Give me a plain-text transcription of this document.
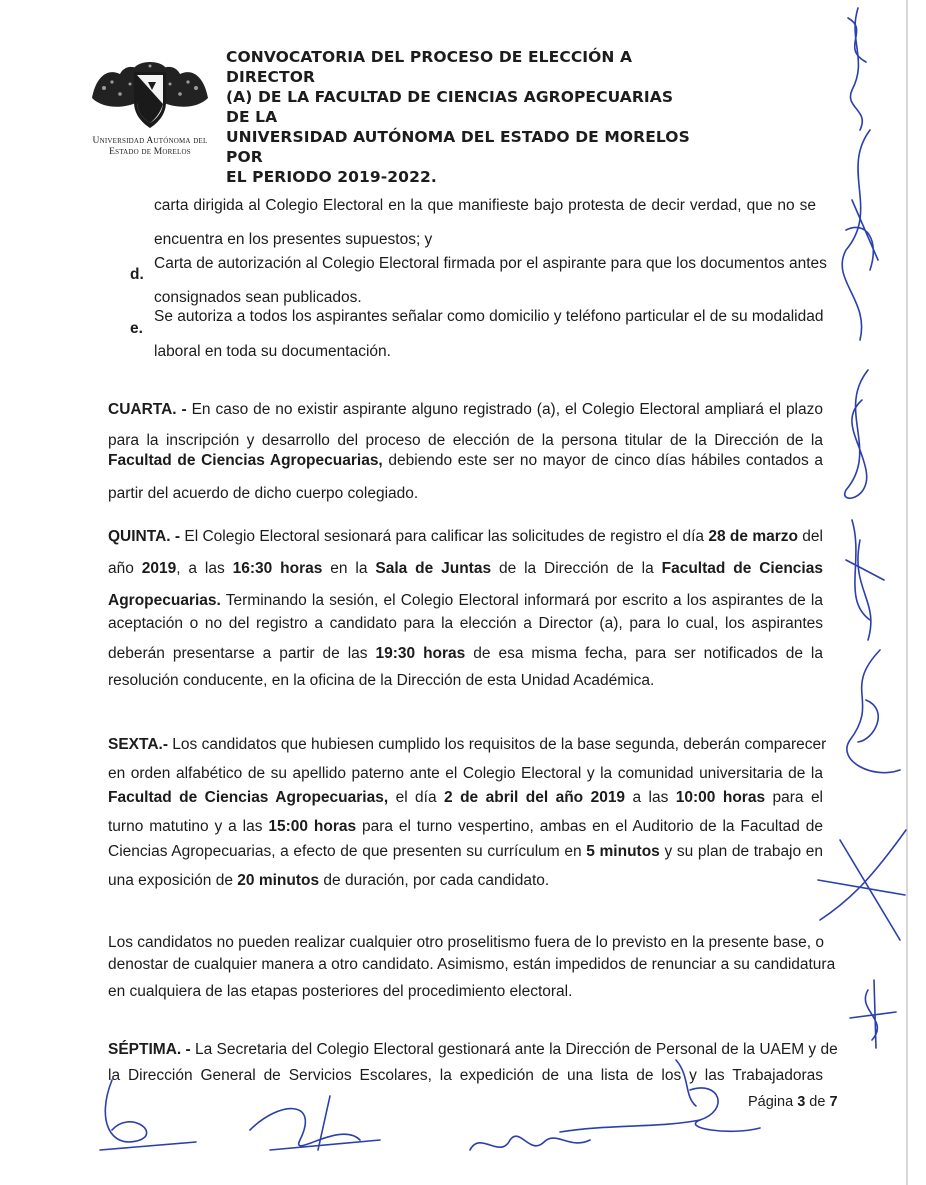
Universidad Autónoma del
Estado de Morelos
CONVOCATORIA DEL PROCESO DE ELECCIÓN A DIRECTOR
(A) DE LA FACULTAD DE CIENCIAS AGROPECUARIAS DE LA
UNIVERSIDAD AUTÓNOMA DEL ESTADO DE MORELOS POR
EL PERIODO 2019-2022.
carta dirigida al Colegio Electoral en la que manifieste bajo protesta de decir verdad, que no se
encuentra en los presentes supuestos; y
d.
Carta de autorización al Colegio Electoral firmada por el aspirante para que los documentos antes
consignados sean publicados.
e.
Se autoriza a todos los aspirantes señalar como domicilio y teléfono particular el de su modalidad
laboral en toda su documentación.
CUARTA. - En caso de no existir aspirante alguno registrado (a), el Colegio Electoral ampliará el plazo
para la inscripción y desarrollo del proceso de elección de la persona titular de la Dirección de la
Facultad de Ciencias Agropecuarias, debiendo este ser no mayor de cinco días hábiles contados a
partir del acuerdo de dicho cuerpo colegiado.
QUINTA. - El Colegio Electoral sesionará para calificar las solicitudes de registro el día 28 de marzo del
año 2019, a las 16:30 horas en la Sala de Juntas de la Dirección de la Facultad de Ciencias
Agropecuarias. Terminando la sesión, el Colegio Electoral informará por escrito a los aspirantes de la
aceptación o no del registro a candidato para la elección a Director (a), para lo cual, los aspirantes
deberán presentarse a partir de las 19:30 horas de esa misma fecha, para ser notificados de la
resolución conducente, en la oficina de la Dirección de esta Unidad Académica.
SEXTA.- Los candidatos que hubiesen cumplido los requisitos de la base segunda, deberán comparecer
en orden alfabético de su apellido paterno ante el Colegio Electoral y la comunidad universitaria de la
Facultad de Ciencias Agropecuarias, el día 2 de abril del año 2019 a las 10:00 horas para el
turno matutino y a las 15:00 horas para el turno vespertino, ambas en el Auditorio de la Facultad de
Ciencias Agropecuarias, a efecto de que presenten su currículum en 5 minutos y su plan de trabajo en
una exposición de 20 minutos de duración, por cada candidato.
Los candidatos no pueden realizar cualquier otro proselitismo fuera de lo previsto en la presente base, o
denostar de cualquier manera a otro candidato. Asimismo, están impedidos de renunciar a su candidatura
en cualquiera de las etapas posteriores del procedimiento electoral.
SÉPTIMA. - La Secretaria del Colegio Electoral gestionará ante la Dirección de Personal de la UAEM y de
la Dirección General de Servicios Escolares, la expedición de una lista de los y las Trabajadoras
Página 3 de 7
